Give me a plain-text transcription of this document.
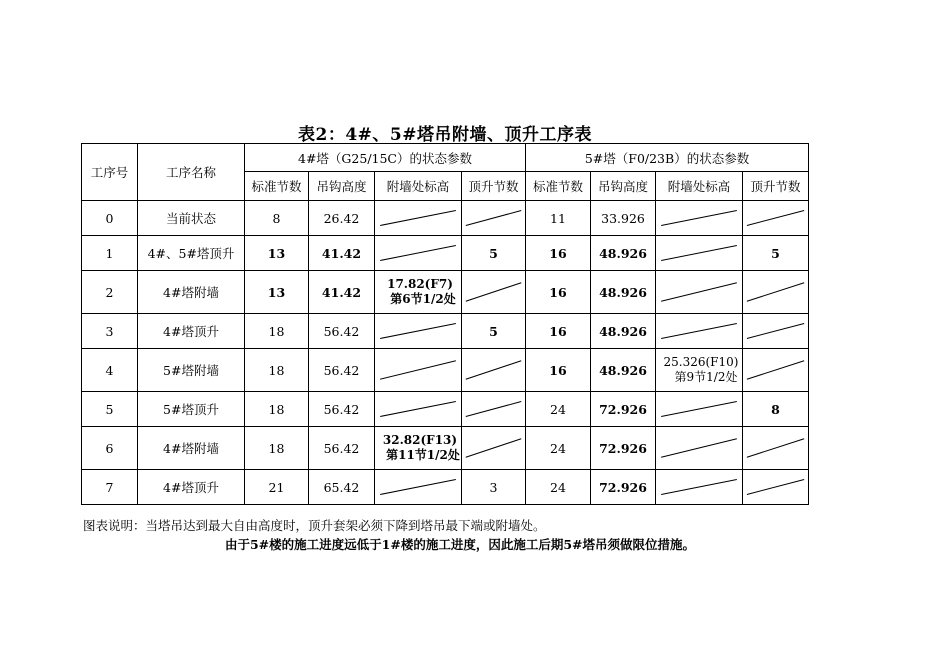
表2：4#、5#塔吊附墙、顶升工序表
工序号	工序名称	4#塔（G25/15C）的状态参数				5#塔（F0/23B）的状态参数			
		标准节数	吊钩高度	附墙处标高	顶升节数	标准节数	吊钩高度	附墙处标高	顶升节数
0	当前状态	8	26.42			11	33.926	

1	4#、5#塔顶升	13	41.42		5	16	48.926		5
2	4#塔附墙	13	41.42	17.82(F7)
第6节1/2处		16	48.926	

3	4#塔顶升	18	56.42		5	16	48.926	

4	5#塔附墙	18	56.42			16	48.926	25.326(F10)
第9节1/2处

5	5#塔顶升	18	56.42			24	72.926		8
6	4#塔附墙	18	56.42	32.82(F13)
第11节1/2处		24	72.926	

7	4#塔顶升	21	65.42		3	24	72.926	

图表说明：当塔吊达到最大自由高度时，顶升套架必须下降到塔吊最下端或附墙处。
由于5#楼的施工进度远低于1#楼的施工进度，因此施工后期5#塔吊须做限位措施。
